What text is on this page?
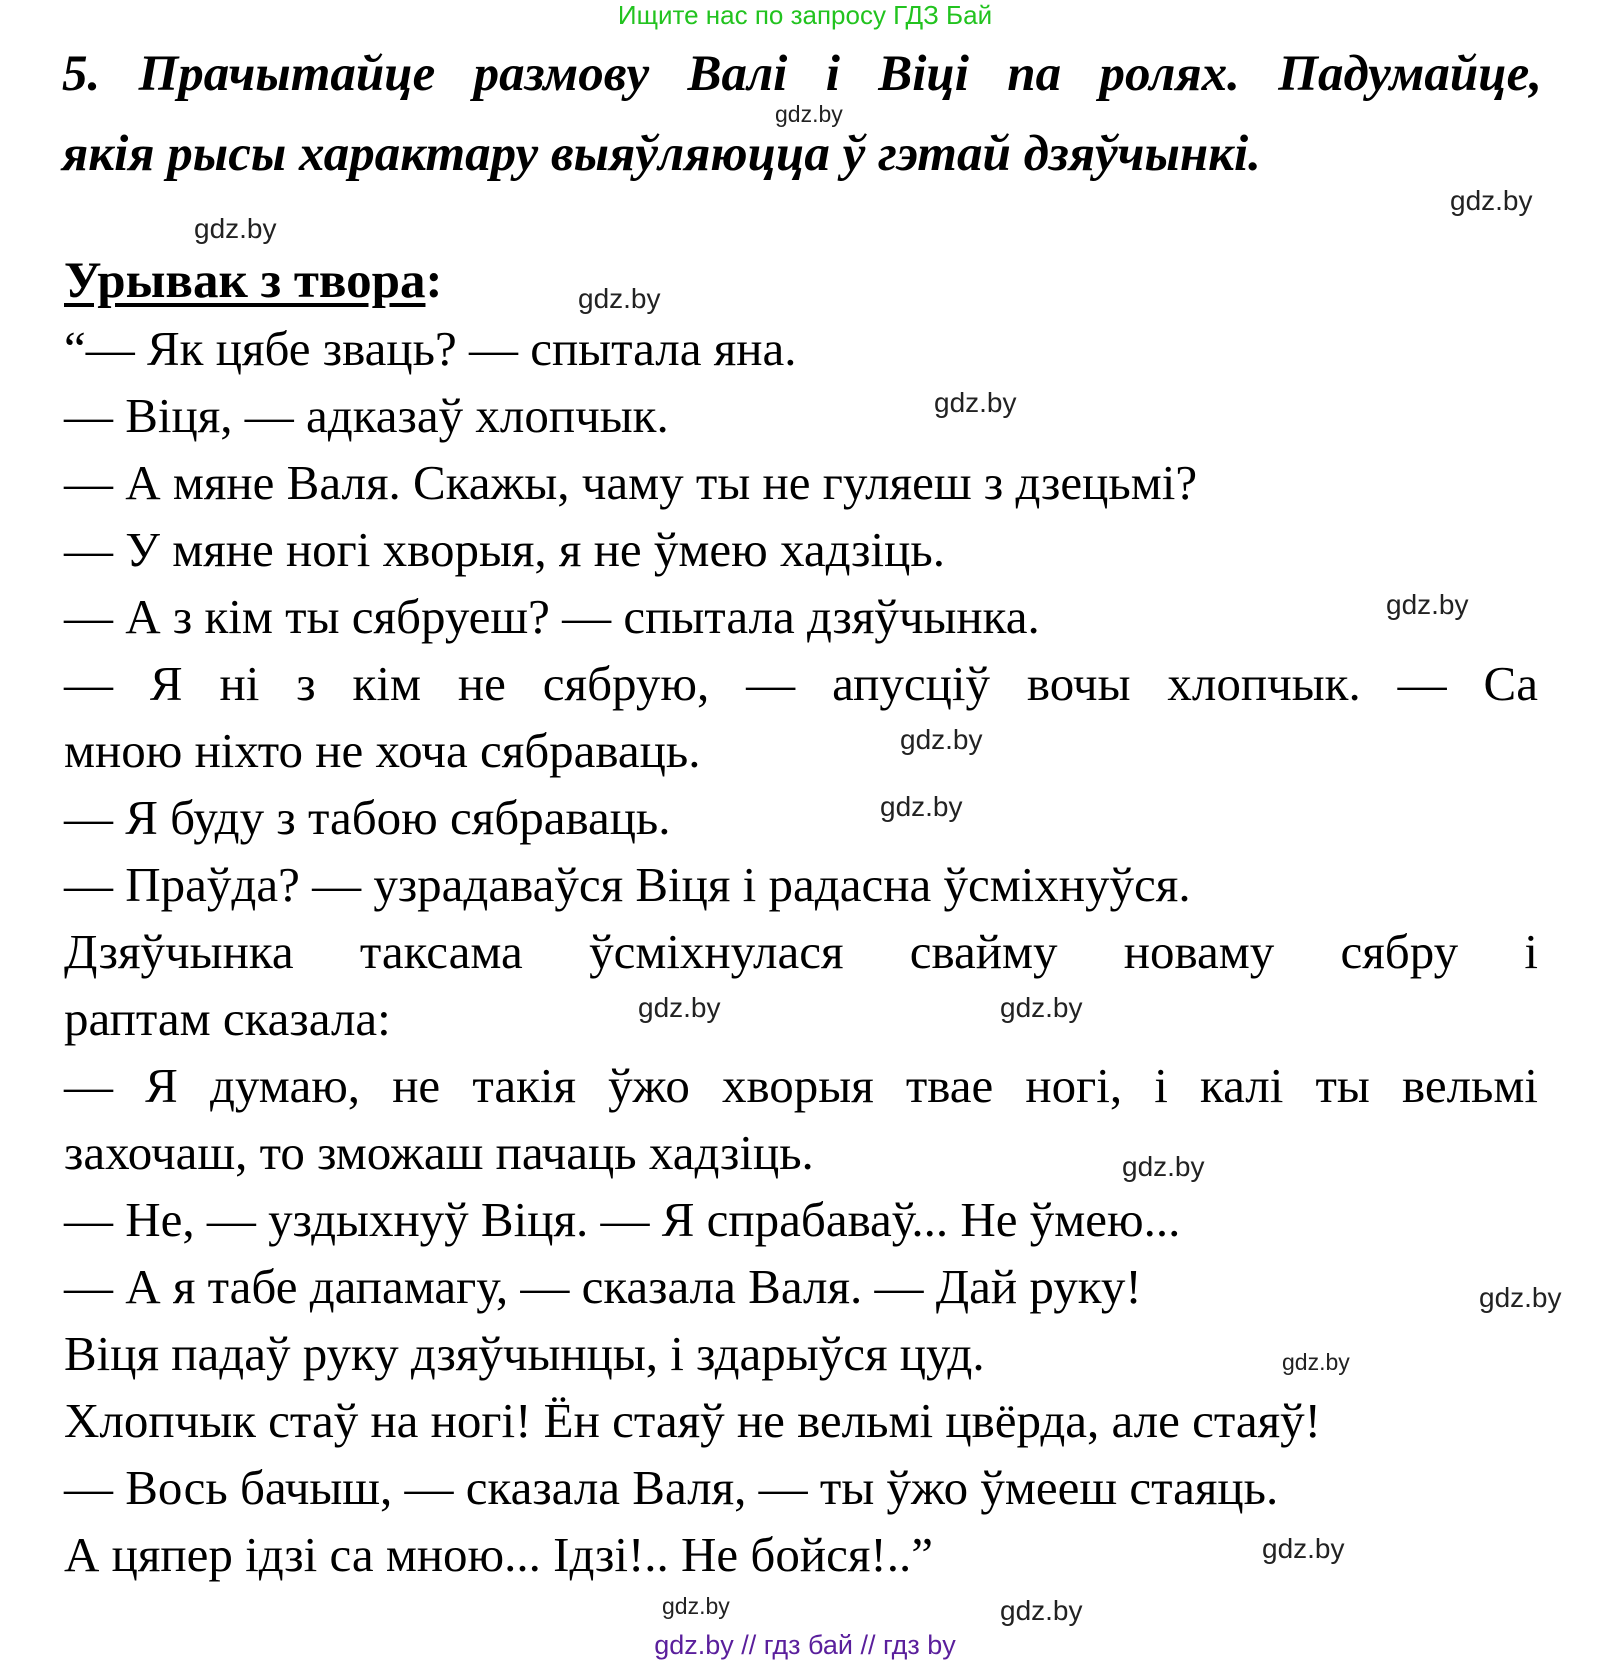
Ищите нас по запросу ГДЗ Бай
5. Прачытайце размову Валі і Віці па ролях. Падумайце,
якія рысы характару выяўляюцца ў гэтай дзяўчынкі.
Урывак з твора:
“— Як цябе зваць? — спытала яна.
— Віця, — адказаў хлопчык.
— А мяне Валя. Скажы, чаму ты не гуляеш з дзецьмі?
— У мяне ногі хворыя, я не ўмею хадзіць.
— А з кім ты сябруеш? — спытала дзяўчынка.
— Я ні з кім не сябрую, — апусціў вочы хлопчык. — Са
мною ніхто не хоча сябраваць.
— Я буду з табою сябраваць.
— Праўда? — узрадаваўся Віця і радасна ўсміхнуўся.
Дзяўчынка таксама ўсміхнулася свайму новаму сябру і
раптам сказала:
— Я думаю, не такія ўжо хворыя твае ногі, і калі ты вельмі
захочаш, то зможаш пачаць хадзіць.
— Не, — уздыхнуў Віця. — Я спрабаваў... Не ўмею...
— А я табе дапамагу, — сказала Валя. — Дай руку!
Віця падаў руку дзяўчынцы, і здарыўся цуд.
Хлопчык стаў на ногі! Ён стаяў не вельмі цвёрда, але стаяў!
— Вось бачыш, — сказала Валя, — ты ўжо ўмееш стаяць.
А цяпер ідзі са мною... Ідзі!.. Не бойся!..”
gdz.by
gdz.by
gdz.by
gdz.by
gdz.by
gdz.by
gdz.by
gdz.by
gdz.by	gdz.by
gdz.by
gdz.by
gdz.by
gdz.by
gdz.by
gdz.by
gdz.by // гдз бай // гдз by
